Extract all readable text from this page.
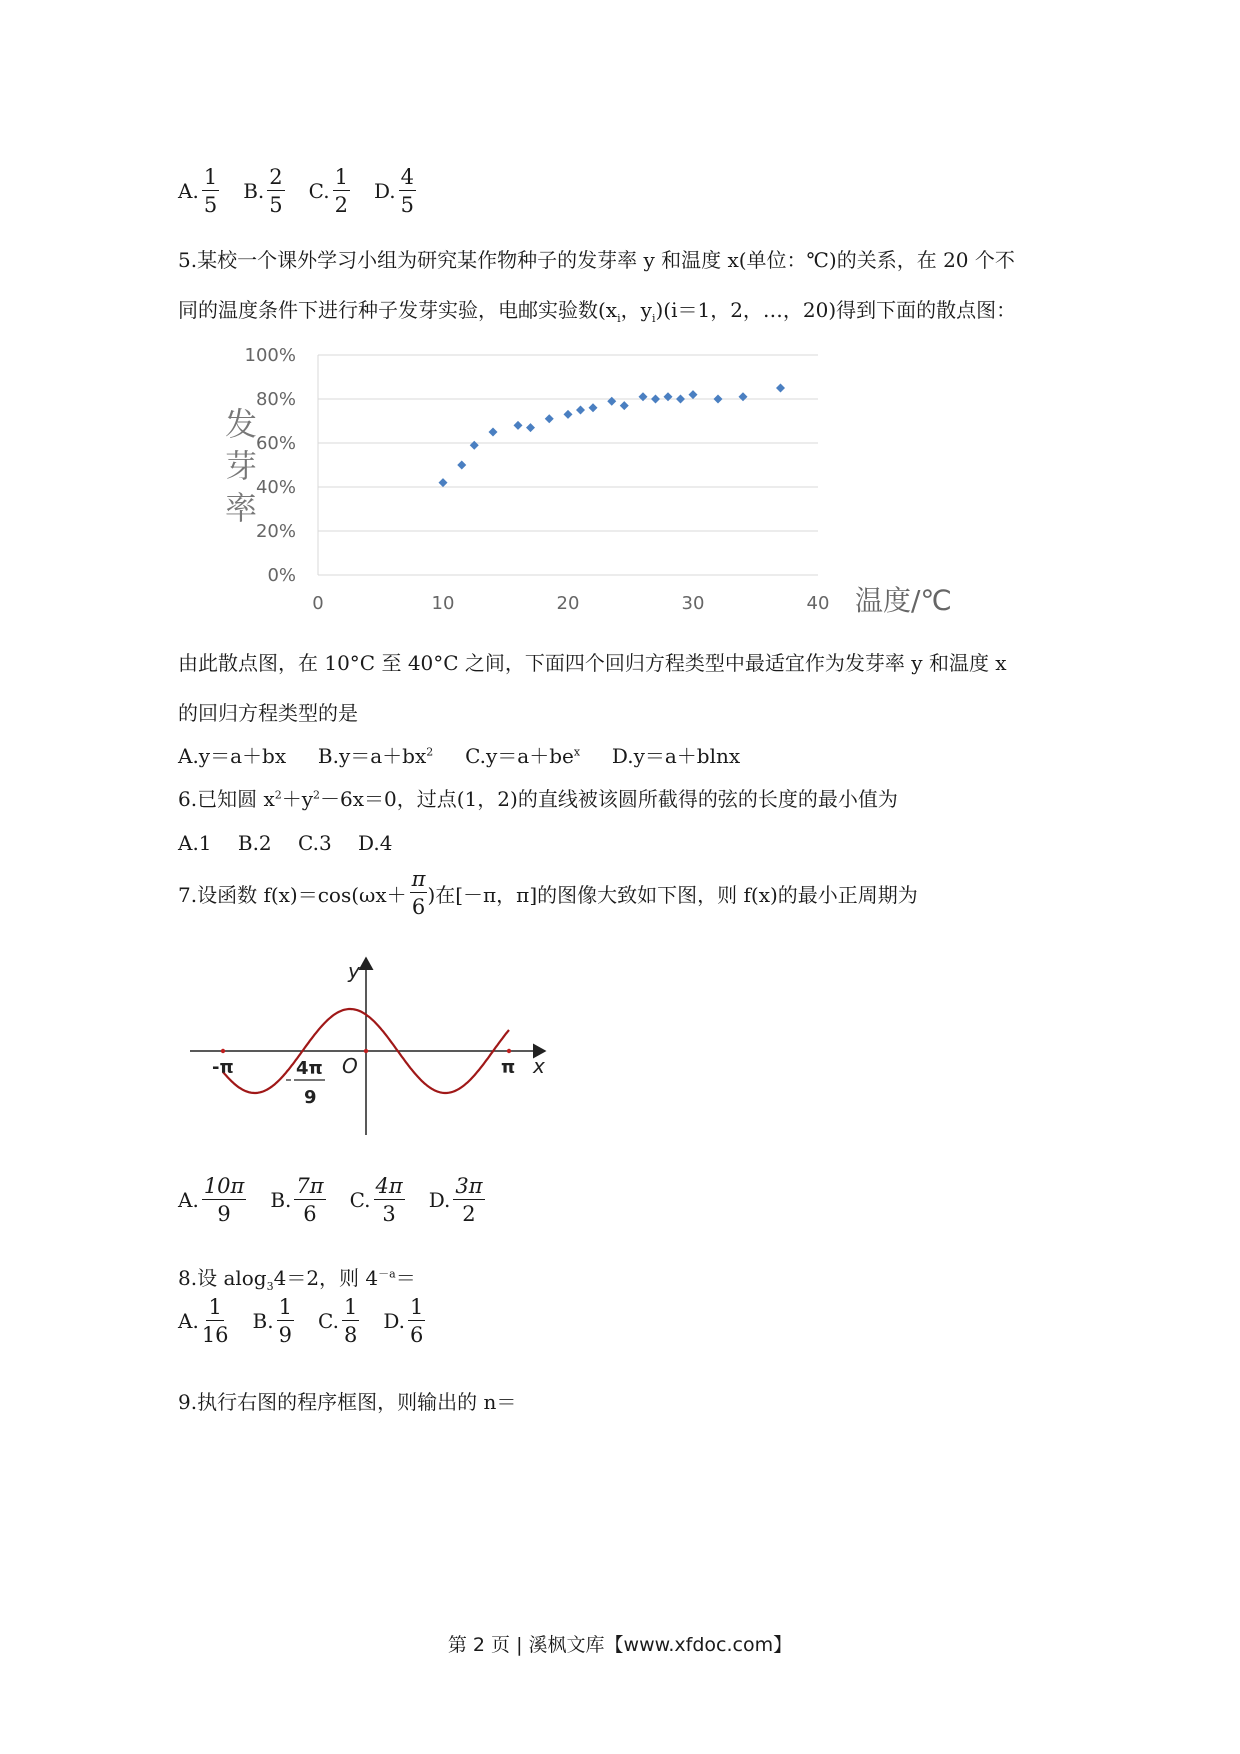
A. $\frac{1}{5} B$. $\frac{2}{5} C$. $\frac{1}{2} D$. $\frac{4}{5}$
5.某校一个课外学习小组为研究某作物种子的发芽率 y 和温度 x(单位：℃)的关系，在 20 个不
同的温度条件下进行种子发芽实验，电邮实验数($x_i$，$y_i)(i=1$，2，…，20)得到下面的散点图：
0%
20%
40%
60%
80%
100%
0	10	20	30	40
发
芽
率
温度/℃
由此散点图，在 10°C 至 40°C 之间，下面四个回归方程类型中最适宜作为发芽率 y 和温度 x
的回归方程类型的是
A.y＝a＋bx $B.y=a+bx^2$ $C.y=a+be^x$ D.y＝a＋blnx
6.已知圆 $x^2+y^2-6x=0$，过点(1，2)的直线被该圆所截得的弦的长度的最小值为
A.1　 B.2　 C.3　 D.4
7.设函数 $f(x)=\cos(\omega x+ \frac{\pi}{6}$ )在[－π，π]的图像大致如下图，则 f(x)的最小正周期为
y
x
O
-π	π
4π
9
A. $\frac{10\pi}{9} B$. $\frac{7\pi}{6} C$. $\frac{4\pi}{3} D$. $\frac{3\pi}{2}$
8.设 alog$_3$4＝2，则 $4^{-a}=$
A. $\frac{1}{16} B$. $\frac{1}{9} C$. $\frac{1}{8} D$. $\frac{1}{6}$
9.执行右图的程序框图，则输出的 n＝
第 2 页 | 溪枫文库【www.xfdoc.com】
